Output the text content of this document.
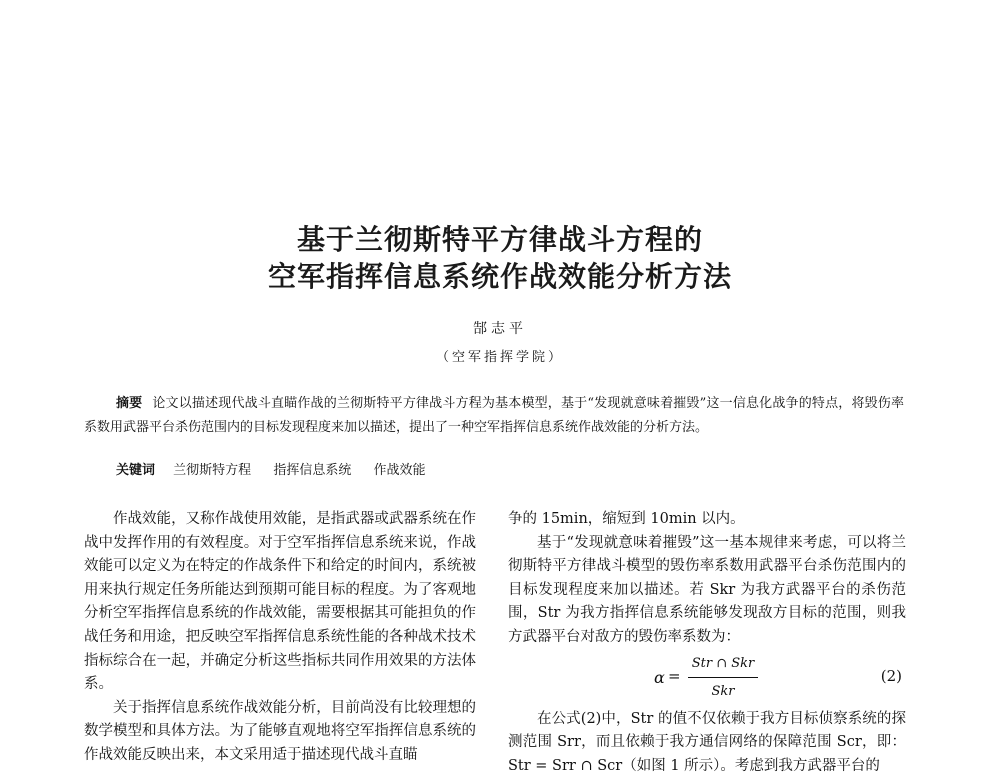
基于兰彻斯特平方律战斗方程的
空军指挥信息系统作战效能分析方法
郜志平
（空军指挥学院）
摘要 论文以描述现代战斗直瞄作战的兰彻斯特平方律战斗方程为基本模型，基于“发现就意味着摧毁”这一信息化战争的特点，将毁伤率系数用武器平台杀伤范围内的目标发现程度来加以描述，提出了一种空军指挥信息系统作战效能的分析方法。
关键词 兰彻斯特方程 指挥信息系统 作战效能

作战效能，又称作战使用效能，是指武器或武器系统在作战中发挥作用的有效程度。对于空军指挥信息系统来说，作战效能可以定义为在特定的作战条件下和给定的时间内，系统被用来执行规定任务所能达到预期可能目标的程度。为了客观地分析空军指挥信息系统的作战效能，需要根据其可能担负的作战任务和用途，把反映空军指挥信息系统性能的各种战术技术指标综合在一起，并确定分析这些指标共同作用效果的方法体系。

关于指挥信息系统作战效能分析，目前尚没有比较理想的数学模型和具体方法。为了能够直观地将空军指挥信息系统的作战效能反映出来，本文采用适于描述现代战斗直瞄

争的 15min，缩短到 10min 以内。

基于“发现就意味着摧毁”这一基本规律来考虑，可以将兰彻斯特平方律战斗模型的毁伤率系数用武器平台杀伤范围内的目标发现程度来加以描述。若 Skr 为我方武器平台的杀伤范围，Str 为我方指挥信息系统能够发现敌方目标的范围，则我方武器平台对敌方的毁伤率系数为：

α =
Str ∩ Skr
Skr
(2)

在公式(2)中，Str 的值不仅依赖于我方目标侦察系统的探测范围 Srr，而且依赖于我方通信网络的保障范围 Scr，即：Str = Srr ∩ Scr（如图 1 所示）。考虑到我方武器平台的
